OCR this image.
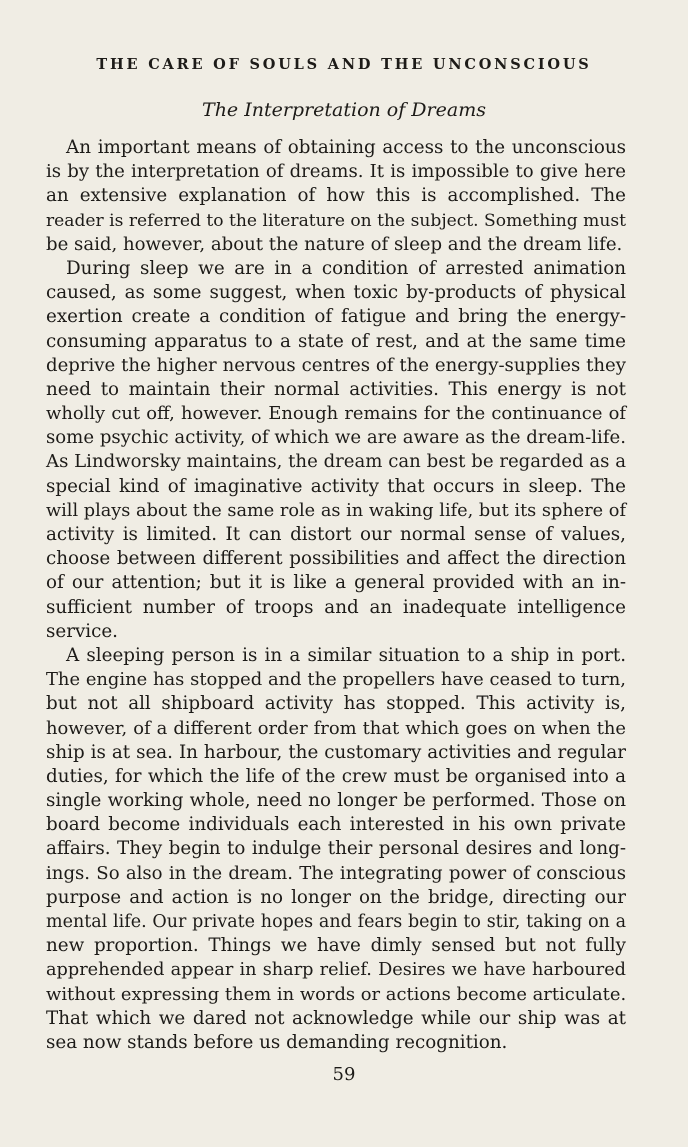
THE CARE OF SOULS AND THE UNCONSCIOUS
The Interpretation of Dreams
An important means of obtaining access to the unconscious
is by the interpretation of dreams. It is impossible to give here
an extensive explanation of how this is accomplished. The
reader is referred to the literature on the subject. Something must
be said, however, about the nature of sleep and the dream life.
During sleep we are in a condition of arrested animation
caused, as some suggest, when toxic by-products of physical
exertion create a condition of fatigue and bring the energy-
consuming apparatus to a state of rest, and at the same time
deprive the higher nervous centres of the energy-supplies they
need to maintain their normal activities. This energy is not
wholly cut off, however. Enough remains for the continuance of
some psychic activity, of which we are aware as the dream-life.
As Lindworsky maintains, the dream can best be regarded as a
special kind of imaginative activity that occurs in sleep. The
will plays about the same role as in waking life, but its sphere of
activity is limited. It can distort our normal sense of values,
choose between different possibilities and affect the direction
of our attention; but it is like a general provided with an in-
sufficient number of troops and an inadequate intelligence
service.
A sleeping person is in a similar situation to a ship in port.
The engine has stopped and the propellers have ceased to turn,
but not all shipboard activity has stopped. This activity is,
however, of a different order from that which goes on when the
ship is at sea. In harbour, the customary activities and regular
duties, for which the life of the crew must be organised into a
single working whole, need no longer be performed. Those on
board become individuals each interested in his own private
affairs. They begin to indulge their personal desires and long-
ings. So also in the dream. The integrating power of conscious
purpose and action is no longer on the bridge, directing our
mental life. Our private hopes and fears begin to stir, taking on a
new proportion. Things we have dimly sensed but not fully
apprehended appear in sharp relief. Desires we have harboured
without expressing them in words or actions become articulate.
That which we dared not acknowledge while our ship was at
sea now stands before us demanding recognition.
59
